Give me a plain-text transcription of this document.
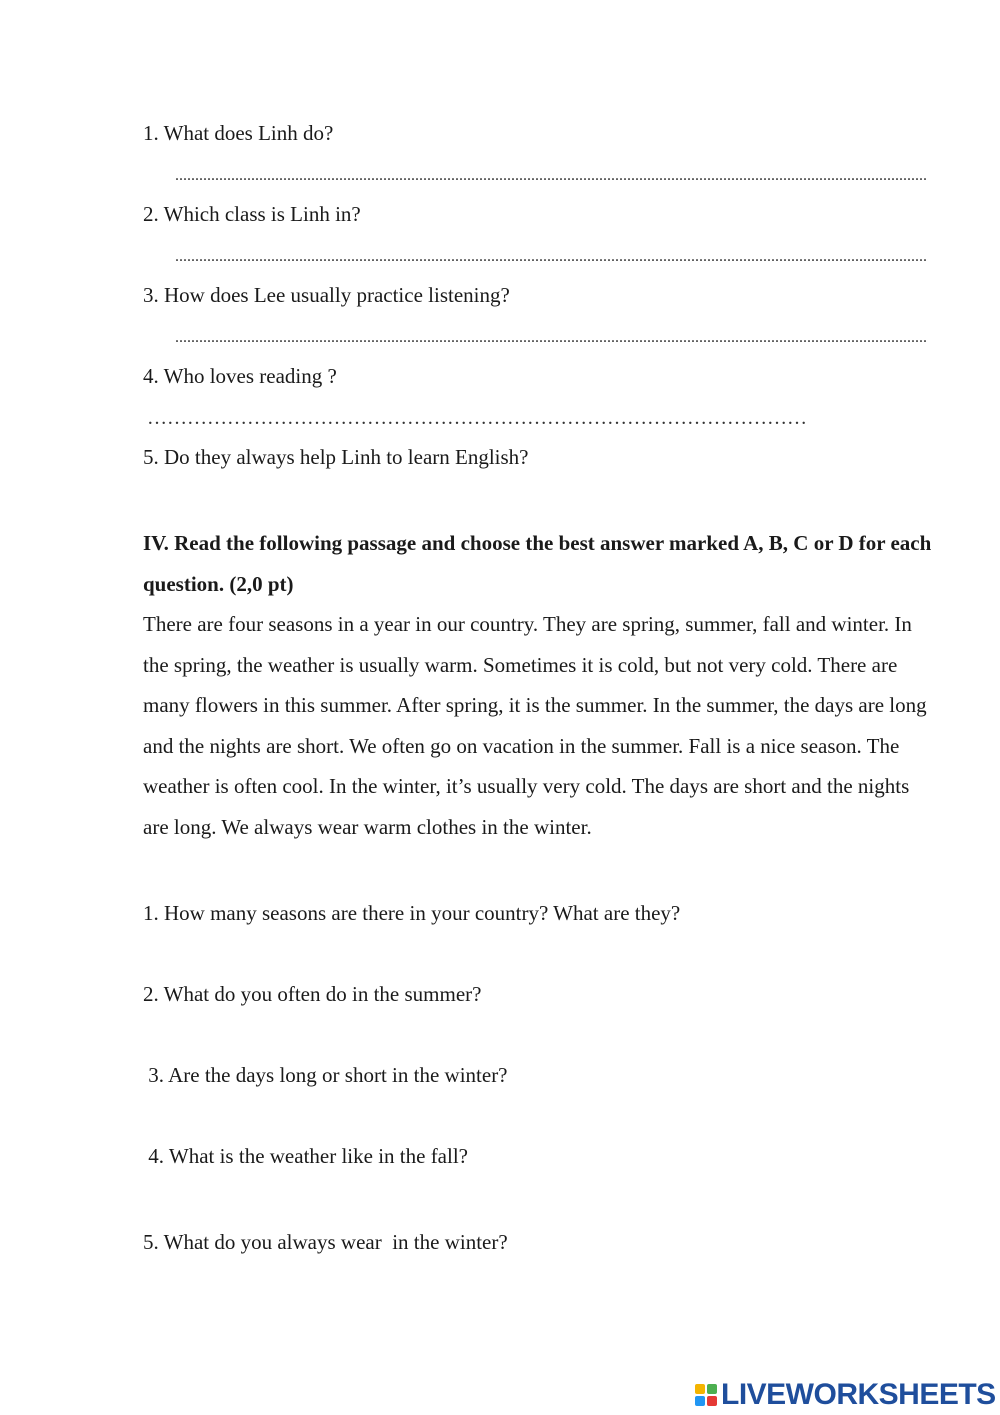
1. What does Linh do?
............................................................................................................................................................................................
2. Which class is Linh in?
............................................................................................................................................................................................
3. How does Lee usually practice listening?
............................................................................................................................................................................................
4. Who loves reading ?
………………………………………………………………………………………
5. Do they always help Linh to learn English?
IV. Read the following passage and choose the best answer marked A, B, C or D for each question. (2,0 pt)

There are four seasons in a year in our country. They are spring, summer, fall and winter. In the spring, the weather is usually warm. Sometimes it is cold, but not very cold. There are many flowers in this summer. After spring, it is the summer. In the summer, the days are long and the nights are short. We often go on vacation in the summer. Fall is a nice season. The weather is often cool. In the winter, it’s usually very cold. The days are short and the nights are long. We always wear warm clothes in the winter.

1. How many seasons are there in your country? What are they?
2. What do you often do in the summer?
3. Are the days long or short in the winter?
4. What is the weather like in the fall?
5. What do you always wear  in the winter?
LIVEWORKSHEETS
